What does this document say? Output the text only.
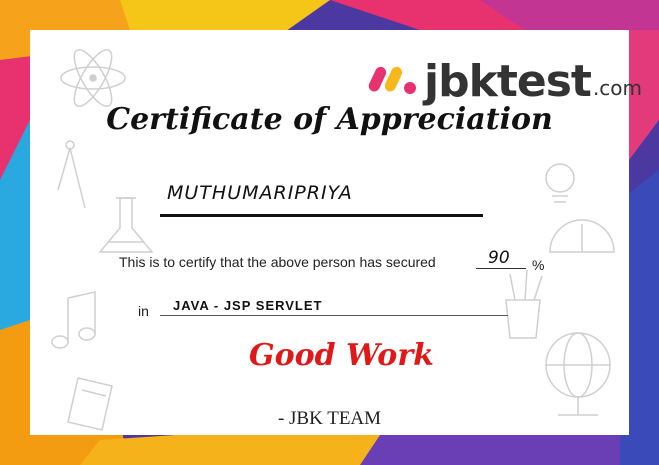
jbktest .com
Certificate of Appreciation
MUTHUMARIPRIYA
This is to certify that the above person has secured	90 %
in JAVA - JSP SERVLET
Good Work
- JBK TEAM
